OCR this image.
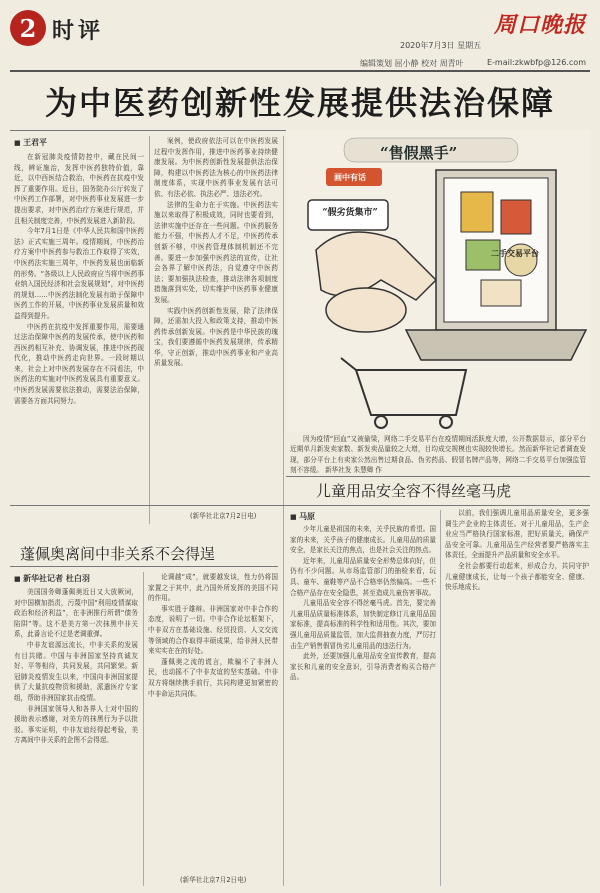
2 时评
2020年7月3日 星期五
编辑策划 屈小静 校对 周青叶
周口晚报
E-mail:zkwbfp@126.com
为中医药创新性发展提供法治保障
■ 王君平

在新冠肺炎疫情防控中，藏在民间一线，辨证施治，发挥中医药独特价值，靠近，以中西医结合救治，中医药在抗疫中发挥了重要作用。近日，国务院办公厅转发了中医药工作部署，对中医药事业发展进一步提出要求，对中医药治疗方案进行规范，并且相关制度完善，中医药发展进入新阶段。

今年7月1日是《中华人民共和国中医药法》正式实施三周年。疫情期间，中医药治疗方案中中医药参与救治工作取得了实效，中医药法实施三周年，中医药发展也面临新的形势。“各级以上人民政府应当将中医药事业纳入国民经济和社会发展规划”，对中医药的规划……中医药法制化发展有助于保障中医药工作的开展，中医药事业发展质量和效益得到提升。

中医药在抗疫中发挥重要作用，需要通过法治保障中医药的发展传承，使中医药和西医药相互补充、协调发展，推进中医药现代化，推动中医药走向世界。一段时期以来，社会上对中医药发展存在不同看法，中医药法的实施对中医药发展具有重要意义。中医药发展需要依法推动，需要法治保障，需要各方面共同努力。

案例，使政府依法可以在中医药发展过程中发挥作用，推进中医药事业持续健康发展。为中医药创新性发展提供法治保障，构建以中医药法为核心的中医药法律制度体系，实现中医药事业发展有法可依、有法必依、执法必严、违法必究。

法律的生命力在于实施。中医药法实施以来取得了积极成效，同时也要看到，法律实施中还存在一些问题。中医药服务能力不强，中医药人才不足，中医药传承创新不够，中医药管理体制机制还不完善。要进一步加强中医药法的宣传，让社会各界了解中医药法，自觉遵守中医药法；要加强执法检查，推动法律各项制度措施落到实处，切实维护中医药事业健康发展。

实践中医药创新性发展，除了法律保障，还需加大投入和政策支持，推动中医药传承创新发展。中医药是中华民族的瑰宝，我们要遵循中医药发展规律，传承精华，守正创新，推动中医药事业和产业高质量发展。

(新华社北京7月2日电)
“售假黑手”
画中有话
“假劣货集市”
二手交易平台
因为疫情“回血”又被偷梁，网络二手交易平台在疫情期间活跃度大增，公开数据显示，部分平台近期单月新发卖家数、新发卖品量较之大增，目均成交规模也实现较快增长。然而新华社记者调查发现，部分平台上有卖家公然出售过期食品、伪劣药品、假冒名牌产品等，网络二手交易平台加强监管刻不容缓。 新华社发 朱慧卿 作
儿童用品安全容不得丝毫马虎
■ 马原

少年儿童是祖国的未来，关乎民族的希望。国家的未来，关乎孩子的健康成长。儿童用品的质量安全，是家长关注的焦点，也是社会关注的热点。

近年来，儿童用品质量安全形势总体向好，但仍有不少问题。从市场监管部门的抽检来看，玩具、童车、童鞋等产品不合格率仍然偏高。一些不合格产品存在安全隐患，甚至造成儿童伤害事故。

儿童用品安全容不得丝毫马虎。首先，要完善儿童用品质量标准体系，加快制定修订儿童用品国家标准，提高标准的科学性和适用性。其次，要加强儿童用品质量监管，加大监督抽查力度，严厉打击生产销售假冒伪劣儿童用品的违法行为。

此外，还要加强儿童用品安全宣传教育，提高家长和儿童的安全意识，引导消费者购买合格产品。

以前，我们强调儿童用品质量安全，更多强调生产企业的主体责任。对于儿童用品，生产企业应当严格执行国家标准，把好质量关，确保产品安全可靠。儿童用品生产经营者要严格落实主体责任，全面提升产品质量和安全水平。

全社会都要行动起来，形成合力，共同守护儿童健康成长，让每一个孩子都能安全、健康、快乐地成长。

蓬佩奥离间中非关系不会得逞
■ 新华社记者 杜白羽

美国国务卿蓬佩奥近日又大放厥词，对中国横加指责，污蔑中国“利用疫情谋取政治和经济利益”，在非洲推行所谓“债务陷阱”等。这不是美方第一次抹黑中非关系，此番言论不过是老调重弹。

中非友谊源远流长，中非关系的发展有目共睹。中国与非洲国家坚持真诚友好、平等相待，共同发展，共同繁荣。新冠肺炎疫情发生以来，中国向非洲国家提供了大量抗疫物资和援助，派遣医疗专家组，帮助非洲国家抗击疫情。

非洲国家领导人和各界人士对中国的援助表示感谢，对美方的抹黑行为予以批驳。事实证明，中非友谊经得起考验，美方离间中非关系的企图不会得逞。

论调越“成”，就要越发谈，性力仍将国家置之于其中，此乃国外所发挥的美国不同的作用。

事实胜于雄辩。非洲国家对中非合作的态度，说明了一切。中非合作论坛框架下，中非双方在基础设施、经贸投资、人文交流等领域的合作取得丰硕成果，给非洲人民带来实实在在的好处。

蓬佩奥之流的谎言，欺骗不了非洲人民，也动摇不了中非友谊的坚实基础。中非双方将继续携手前行，共同构建更加紧密的中非命运共同体。

(新华社北京7月2日电)
